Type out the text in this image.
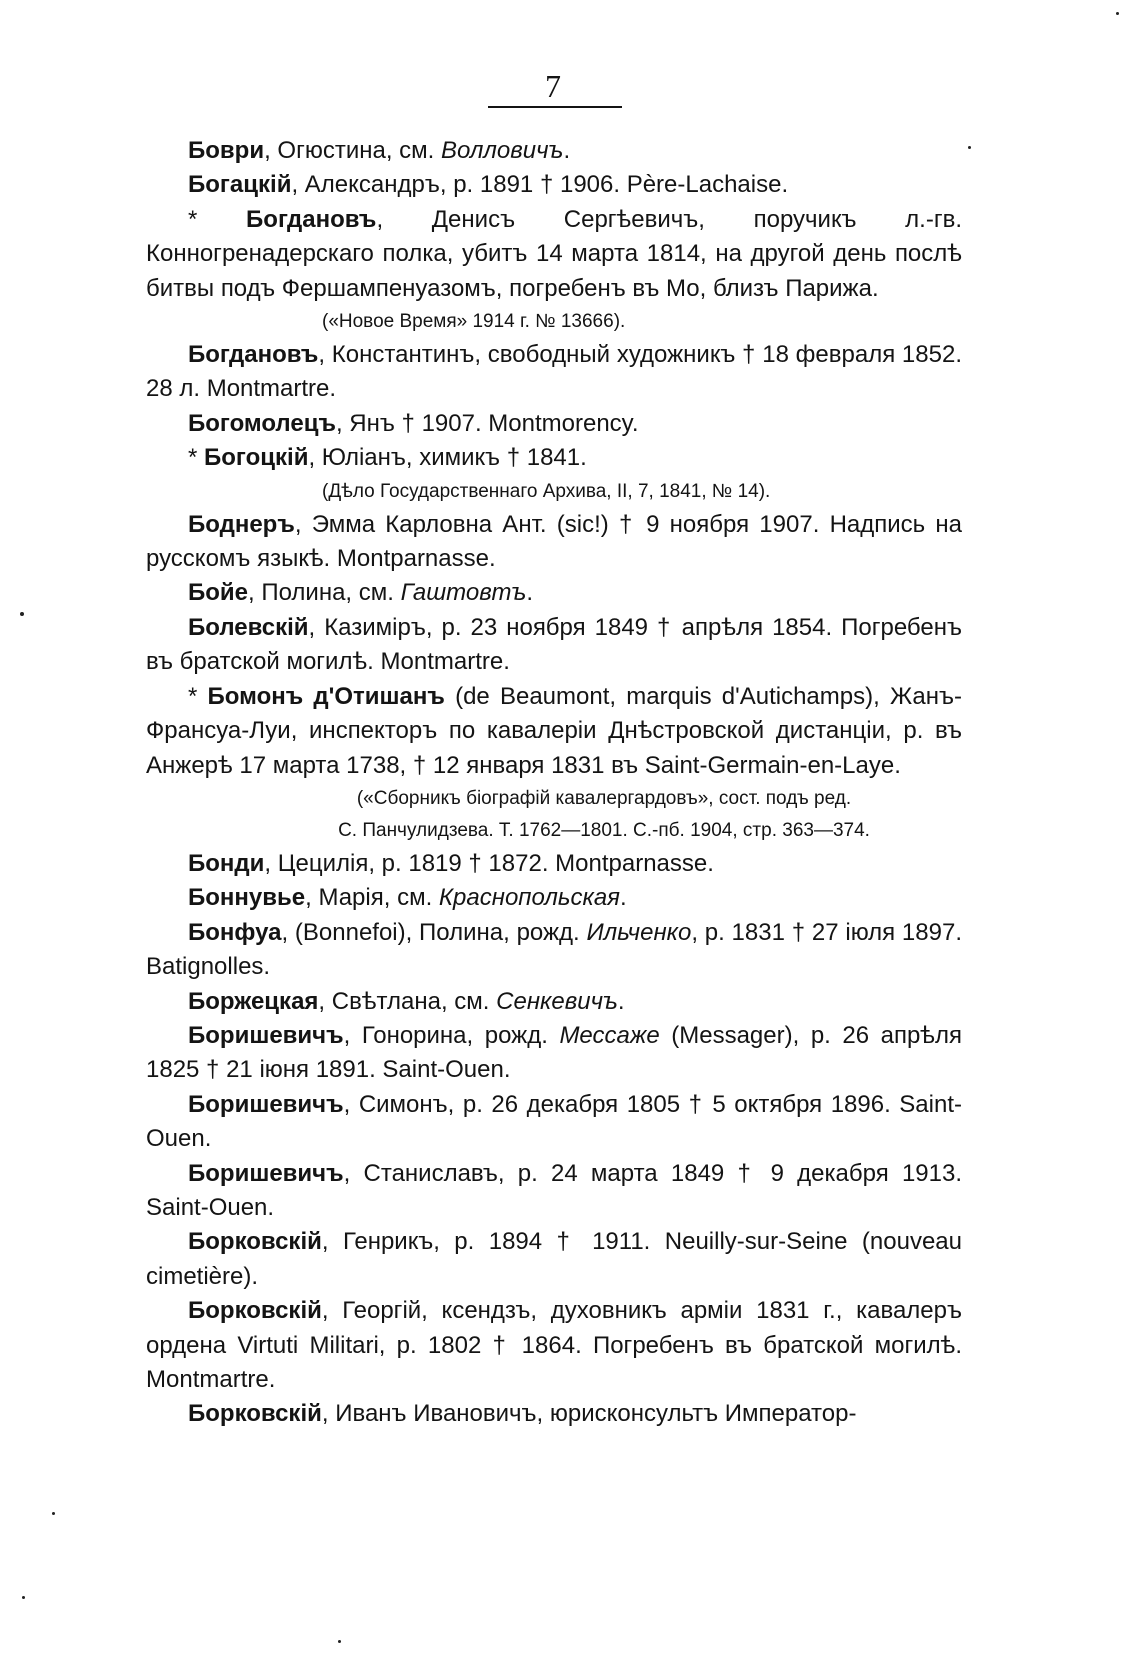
7
Боври, Огюстина, см. Волловичъ.
Богацкій, Александръ, р. 1891 † 1906. Père-Lachaise.
* Богдановъ, Денисъ Сергѣевичъ, поручикъ л.-гв. Конногренадерскаго полка, убитъ 14 марта 1814, на другой день послѣ битвы подъ Фершампенуазомъ, погребенъ въ Мо, близъ Парижа.
(«Новое Время» 1914 г. № 13666).
Богдановъ, Константинъ, свободный художникъ † 18 февраля 1852. 28 л. Montmartre.
Богомолецъ, Янъ † 1907. Montmorency.
* Богоцкій, Юліанъ, химикъ † 1841.
(Дѣло Государственнаго Архива, II, 7, 1841, № 14).
Боднеръ, Эмма Карловна Ант. (sic!) † 9 ноября 1907. Надпись на русскомъ языкѣ. Montparnasse.
Бойе, Полина, см. Гаштовтъ.
Болевскій, Казиміръ, р. 23 ноября 1849 † апрѣля 1854. Погребенъ въ братской могилѣ. Montmartre.
* Бомонъ д'Отишанъ (de Beaumont, marquis d'Autichamps), Жанъ-Франсуа-Луи, инспекторъ по кавалеріи Днѣстровской дистанціи, р. въ Анжерѣ 17 марта 1738, † 12 января 1831 въ Saint-Germain-en-Laye.
(«Сборникъ біографій кавалергардовъ», сост. подъ ред.
С. Панчулидзева. Т. 1762—1801. С.-пб. 1904, стр. 363—374.
Бонди, Цецилія, р. 1819 † 1872. Montparnasse.
Боннувье, Марія, см. Краснопольская.
Бонфуа, (Bonnefoi), Полина, рожд. Ильченко, р. 1831 † 27 іюля 1897. Batignolles.
Боржецкая, Свѣтлана, см. Сенкевичъ.
Боришевичъ, Гонорина, рожд. Мессаже (Messager), р. 26 апрѣля 1825 † 21 іюня 1891. Saint-Ouen.
Боришевичъ, Симонъ, р. 26 декабря 1805 † 5 октября 1896. Saint-Ouen.
Боришевичъ, Станиславъ, р. 24 марта 1849 † 9 декабря 1913. Saint-Ouen.
Борковскій, Генрикъ, р. 1894 † 1911. Neuilly-sur-Seine (nouveau cimetière).
Борковскій, Георгій, ксендзъ, духовникъ арміи 1831 г., кавалеръ ордена Virtuti Militari, р. 1802 † 1864. Погребенъ въ братской могилѣ. Montmartre.
Борковскій, Иванъ Ивановичъ, юрисконсультъ Император-
